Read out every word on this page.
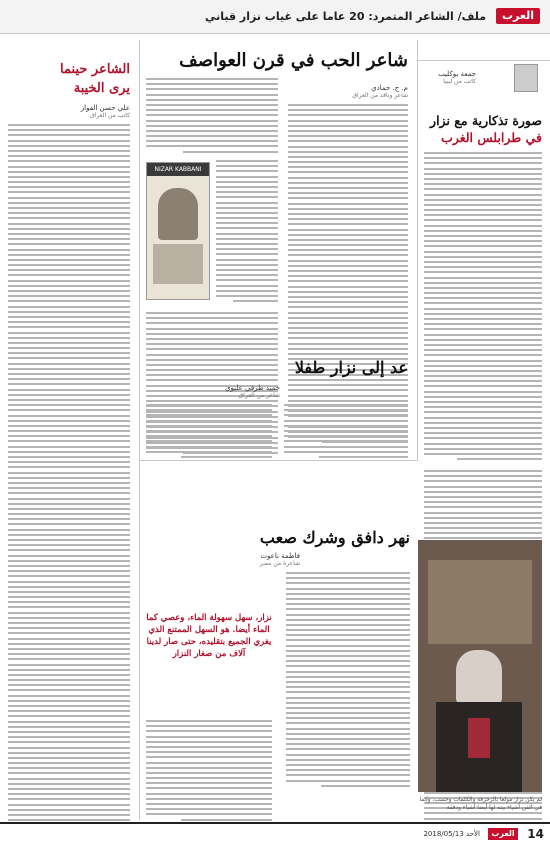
العرب
ملف/ الشاعر المتمرد: 20 عاما على غياب نزار قباني
جمعة بوكليب
كاتب من ليبيا
صورة تذكارية مع نزار
في طرابلس الغرب
شاعر الحب في قرن العواصف
م. ح. حمادي
شاعر وناقد من العراق
NIZAR KABBANI
الشاعر حينما
يرى الخيبة
علي حسن الفواز
كاتب من العراق
عد إلى نزار طفلا
حميد طرفي عليوي
شاعر من العراق
نهر دافق وشرك صعب
فاطمة ناعوت
شاعرة من مصر
نزار، سهل سهولة الماء، وعصي كما الماء أيضا. هو السهل الممتنع الذي يغري الجميع بتقليده، حتى صار لدينا آلاف من صغار النزار
لم يكن نزار مولعا بالزخرفة والكلمات وحسب، وإنما في الفن أشياء بينه لها أيضا أشياء ودفقة
14
العرب
الأحد 2018/05/13
